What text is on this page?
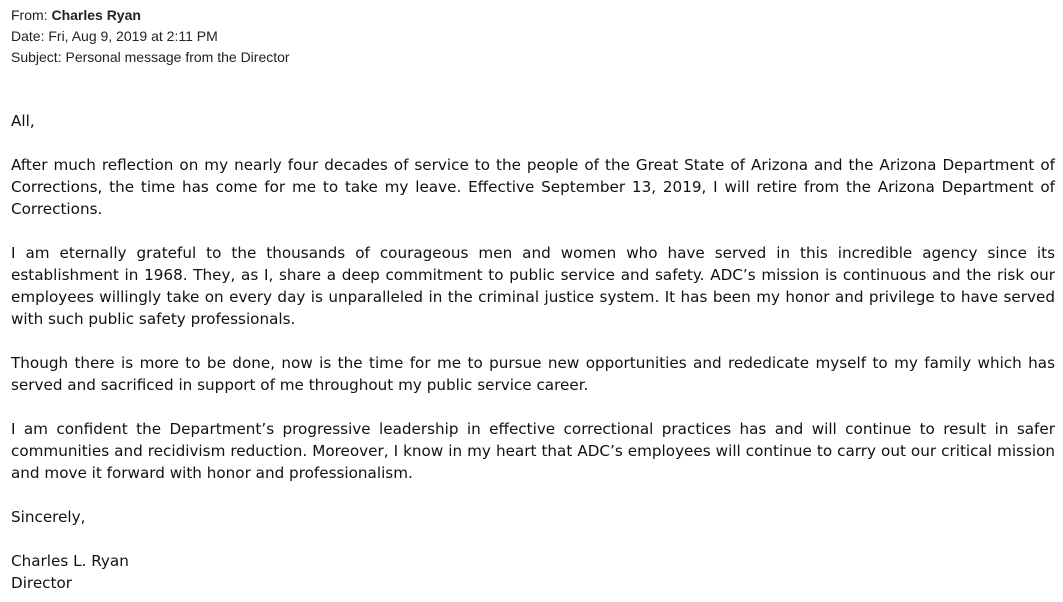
From: Charles Ryan
Date: Fri, Aug 9, 2019 at 2:11 PM
Subject: Personal message from the Director

All,

After much reflection on my nearly four decades of service to the people of the Great State of Arizona and the Arizona Department of Corrections, the time has come for me to take my leave. Effective September 13, 2019, I will retire from the Arizona Department of Corrections.

I am eternally grateful to the thousands of courageous men and women who have served in this incredible agency since its establishment in 1968. They, as I, share a deep commitment to public service and safety. ADC’s mission is continuous and the risk our employees willingly take on every day is unparalleled in the criminal justice system. It has been my honor and privilege to have served with such public safety professionals.

Though there is more to be done, now is the time for me to pursue new opportunities and rededicate myself to my family which has served and sacrificed in support of me throughout my public service career.

I am confident the Department’s progressive leadership in effective correctional practices has and will continue to result in safer communities and recidivism reduction. Moreover, I know in my heart that ADC’s employees will continue to carry out our critical mission and move it forward with honor and professionalism.

Sincerely,

Charles L. Ryan

Director
